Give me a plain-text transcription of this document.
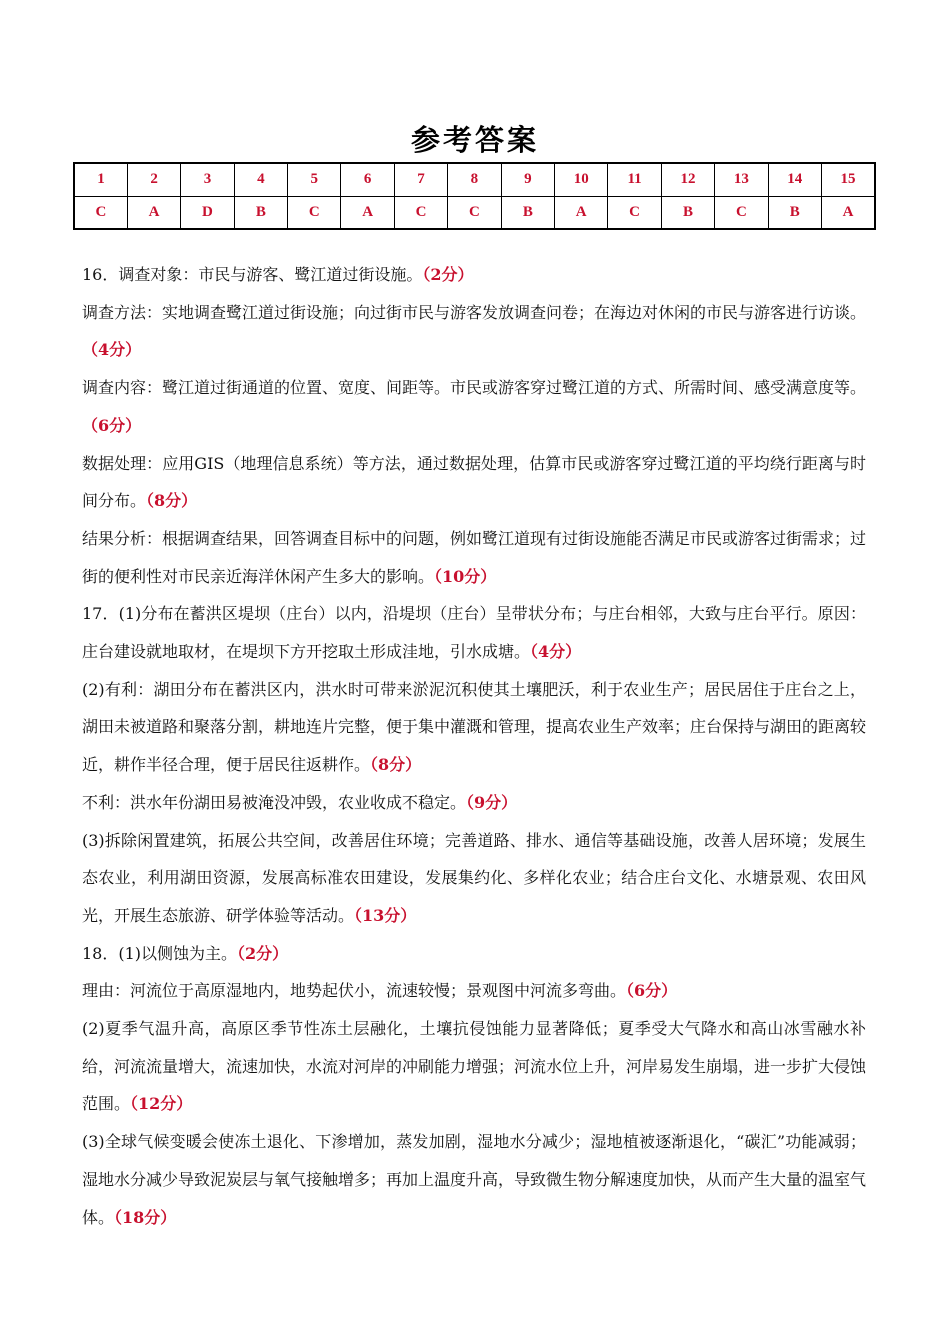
参考答案
1	2	3	4	5	6	7	8	9	10	11	12	13	14	15
C	A	D	B	C	A	C	C	B	A	C	B	C	B	A

16．调查对象：市民与游客、鹭江道过街设施。（2分）

调查方法：实地调查鹭江道过街设施；向过街市民与游客发放调查问卷；在海边对休闲的市民与游客进行访谈。（4分）

调查内容：鹭江道过街通道的位置、宽度、间距等。市民或游客穿过鹭江道的方式、所需时间、感受满意度等。（6分）

数据处理：应用GIS（地理信息系统）等方法，通过数据处理，估算市民或游客穿过鹭江道的平均绕行距离与时间分布。（8分）

结果分析：根据调查结果，回答调查目标中的问题，例如鹭江道现有过街设施能否满足市民或游客过街需求；过街的便利性对市民亲近海洋休闲产生多大的影响。（10分）

17．(1)分布在蓄洪区堤坝（庄台）以内，沿堤坝（庄台）呈带状分布；与庄台相邻，大致与庄台平行。原因：庄台建设就地取材，在堤坝下方开挖取土形成洼地，引水成塘。（4分）

(2)有利：湖田分布在蓄洪区内，洪水时可带来淤泥沉积使其土壤肥沃，利于农业生产；居民居住于庄台之上，湖田未被道路和聚落分割，耕地连片完整，便于集中灌溉和管理，提高农业生产效率；庄台保持与湖田的距离较近，耕作半径合理，便于居民往返耕作。（8分）

不利：洪水年份湖田易被淹没冲毁，农业收成不稳定。（9分）

(3)拆除闲置建筑，拓展公共空间，改善居住环境；完善道路、排水、通信等基础设施，改善人居环境；发展生态农业，利用湖田资源，发展高标准农田建设，发展集约化、多样化农业；结合庄台文化、水塘景观、农田风光，开展生态旅游、研学体验等活动。（13分）

18．(1)以侧蚀为主。（2分）

理由：河流位于高原湿地内，地势起伏小，流速较慢；景观图中河流多弯曲。（6分）

(2)夏季气温升高，高原区季节性冻土层融化，土壤抗侵蚀能力显著降低；夏季受大气降水和高山冰雪融水补给，河流流量增大，流速加快，水流对河岸的冲刷能力增强；河流水位上升，河岸易发生崩塌，进一步扩大侵蚀范围。（12分）

(3)全球气候变暖会使冻土退化、下渗增加，蒸发加剧，湿地水分减少；湿地植被逐渐退化，“碳汇”功能减弱；湿地水分减少导致泥炭层与氧气接触增多；再加上温度升高，导致微生物分解速度加快，从而产生大量的温室气体。（18分）
